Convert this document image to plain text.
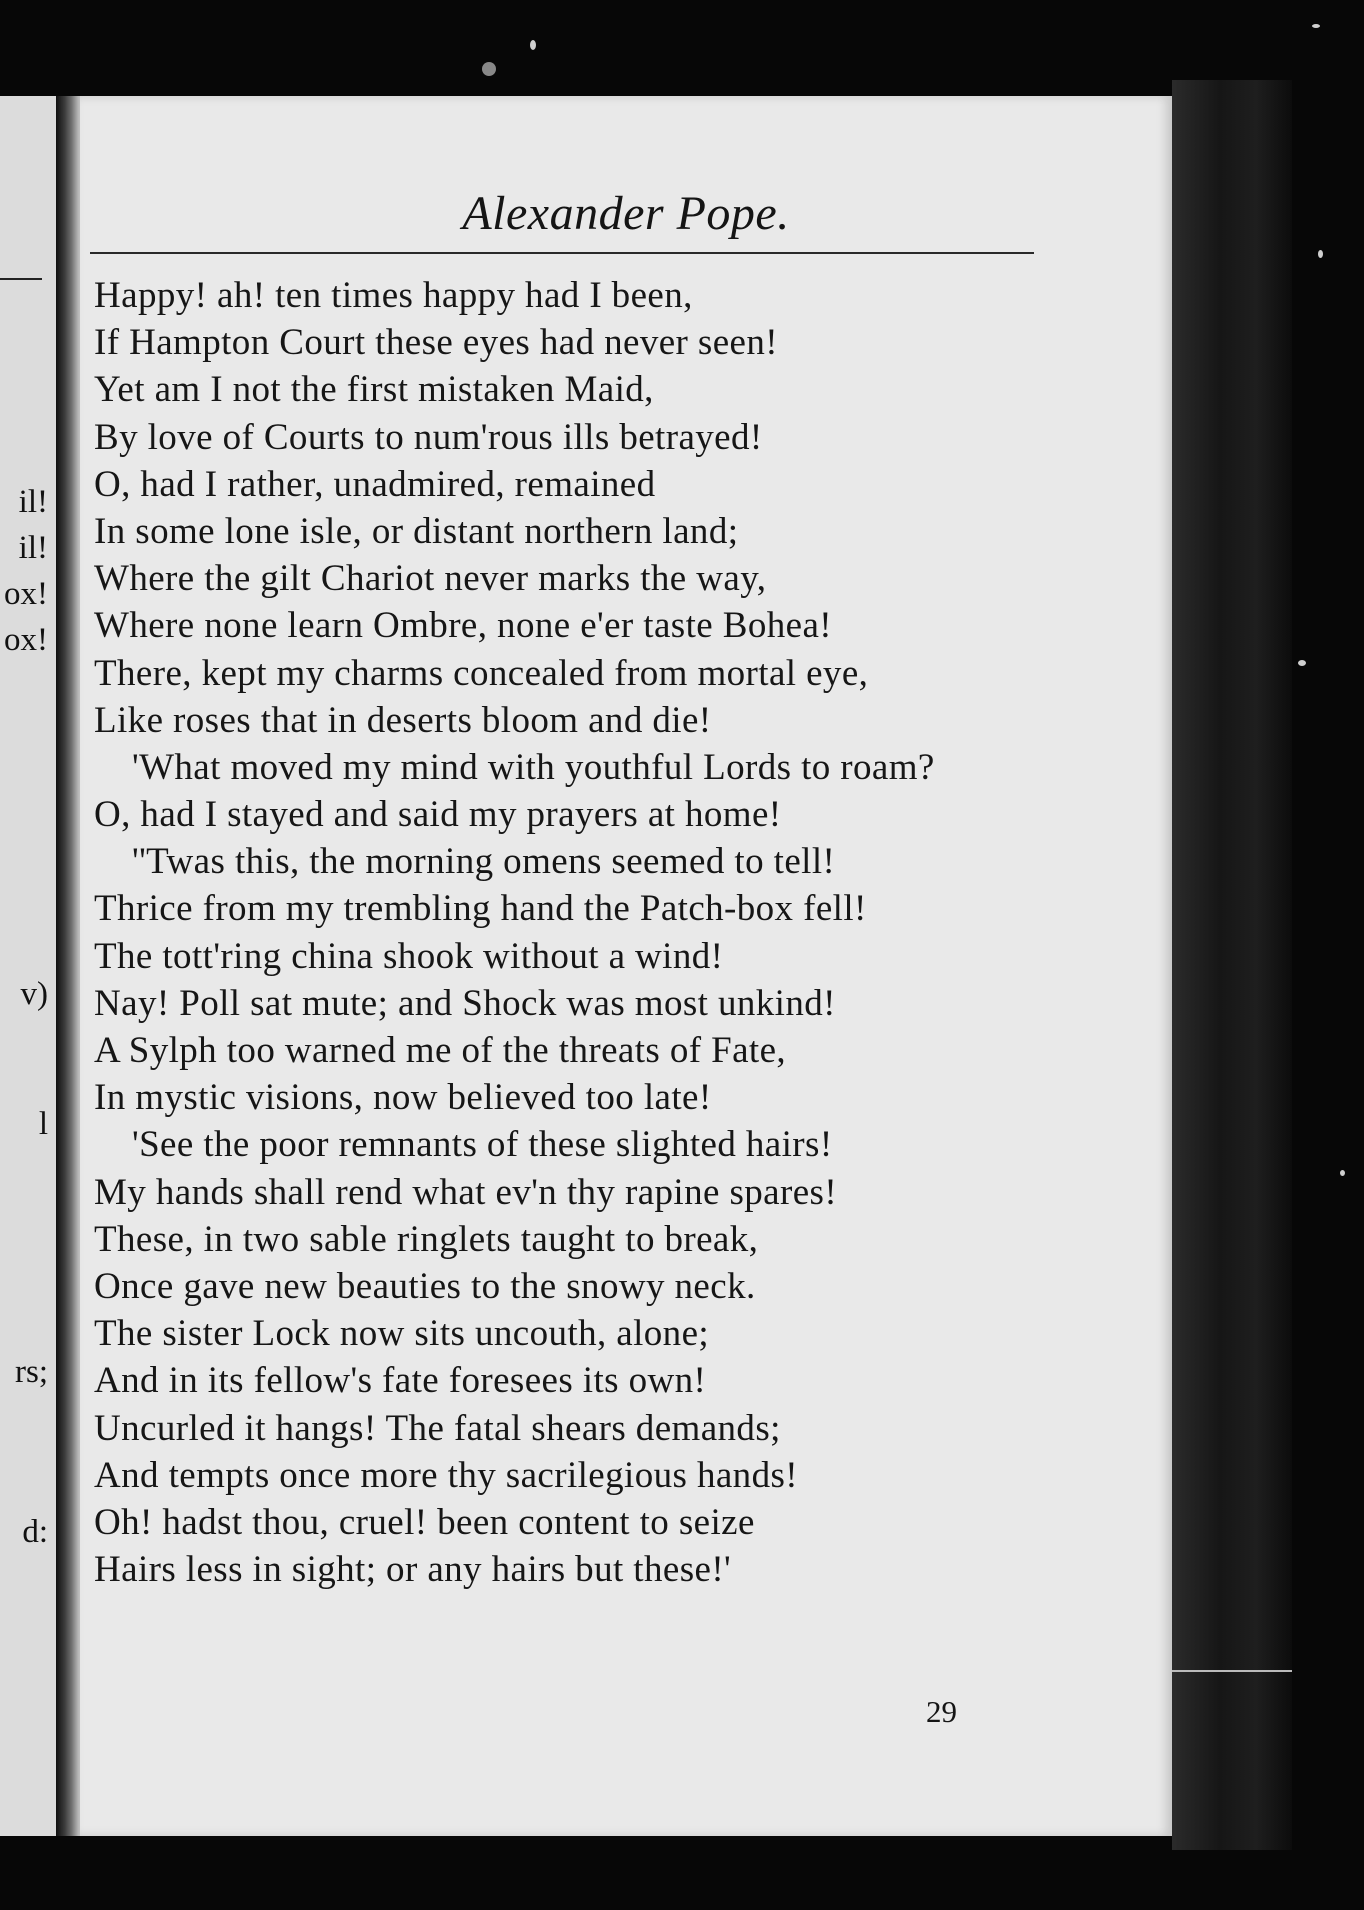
il!
il!
ox!
ox!
v)
l
rs;
d:
Alexander Pope.
Happy! ah! ten times happy had I been,
If Hampton Court these eyes had never seen!
Yet am I not the first mistaken Maid,
By love of Courts to num'rous ills betrayed!
O, had I rather, unadmired, remained
In some lone isle, or distant northern land;
Where the gilt Chariot never marks the way,
Where none learn Ombre, none e'er taste Bohea!
There, kept my charms concealed from mortal eye,
Like roses that in deserts bloom and die!
'What moved my mind with youthful Lords to roam?
O, had I stayed and said my prayers at home!
''Twas this, the morning omens seemed to tell!
Thrice from my trembling hand the Patch-box fell!
The tott'ring china shook without a wind!
Nay! Poll sat mute; and Shock was most unkind!
A Sylph too warned me of the threats of Fate,
In mystic visions, now believed too late!
'See the poor remnants of these slighted hairs!
My hands shall rend what ev'n thy rapine spares!
These, in two sable ringlets taught to break,
Once gave new beauties to the snowy neck.
The sister Lock now sits uncouth, alone;
And in its fellow's fate foresees its own!
Uncurled it hangs! The fatal shears demands;
And tempts once more thy sacrilegious hands!
Oh! hadst thou, cruel! been content to seize
Hairs less in sight; or any hairs but these!'
29
